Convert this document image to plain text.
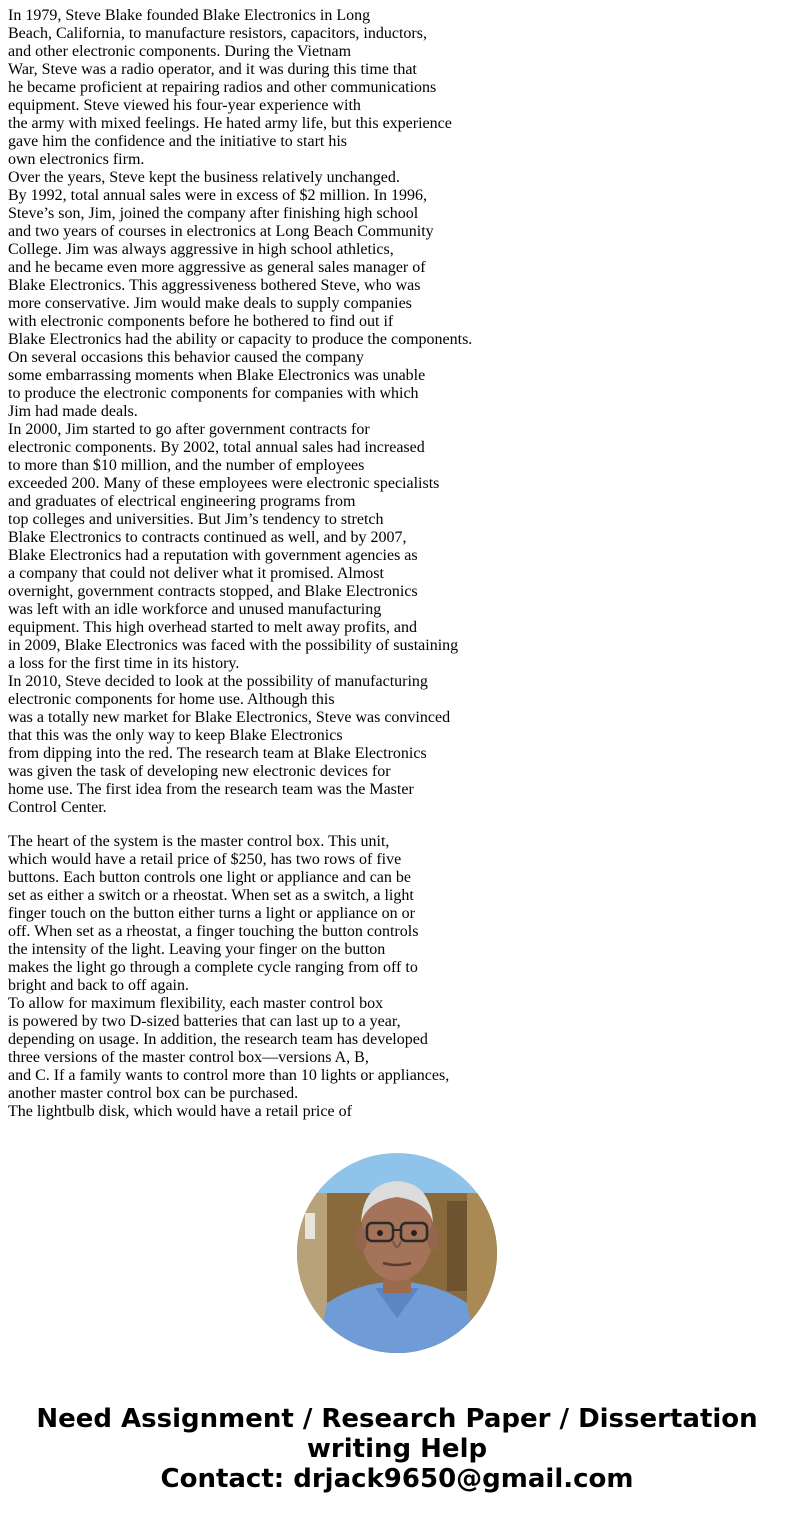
In 1979, Steve Blake founded Blake Electronics in Long
Beach, California, to manufacture resistors, capacitors, inductors,
and other electronic components. During the Vietnam
War, Steve was a radio operator, and it was during this time that
he became proficient at repairing radios and other communications
equipment. Steve viewed his four-year experience with
the army with mixed feelings. He hated army life, but this experience
gave him the confidence and the initiative to start his
own electronics firm.

Over the years, Steve kept the business relatively unchanged.
By 1992, total annual sales were in excess of $2 million. In 1996,
Steve’s son, Jim, joined the company after finishing high school
and two years of courses in electronics at Long Beach Community
College. Jim was always aggressive in high school athletics,
and he became even more aggressive as general sales manager of
Blake Electronics. This aggressiveness bothered Steve, who was
more conservative. Jim would make deals to supply companies
with electronic components before he bothered to find out if
Blake Electronics had the ability or capacity to produce the components.
On several occasions this behavior caused the company
some embarrassing moments when Blake Electronics was unable
to produce the electronic components for companies with which
Jim had made deals.

In 2000, Jim started to go after government contracts for
electronic components. By 2002, total annual sales had increased
to more than $10 million, and the number of employees
exceeded 200. Many of these employees were electronic specialists
and graduates of electrical engineering programs from
top colleges and universities. But Jim’s tendency to stretch
Blake Electronics to contracts continued as well, and by 2007,
Blake Electronics had a reputation with government agencies as
a company that could not deliver what it promised. Almost
overnight, government contracts stopped, and Blake Electronics
was left with an idle workforce and unused manufacturing
equipment. This high overhead started to melt away profits, and
in 2009, Blake Electronics was faced with the possibility of sustaining
a loss for the first time in its history.

In 2010, Steve decided to look at the possibility of manufacturing
electronic components for home use. Although this
was a totally new market for Blake Electronics, Steve was convinced
that this was the only way to keep Blake Electronics
from dipping into the red. The research team at Blake Electronics
was given the task of developing new electronic devices for
home use. The first idea from the research team was the Master
Control Center.

The heart of the system is the master control box. This unit,
which would have a retail price of $250, has two rows of five
buttons. Each button controls one light or appliance and can be
set as either a switch or a rheostat. When set as a switch, a light
finger touch on the button either turns a light or appliance on or
off. When set as a rheostat, a finger touching the button controls
the intensity of the light. Leaving your finger on the button
makes the light go through a complete cycle ranging from off to
bright and back to off again.

To allow for maximum flexibility, each master control box
is powered by two D-sized batteries that can last up to a year,
depending on usage. In addition, the research team has developed
three versions of the master control box—versions A, B,
and C. If a family wants to control more than 10 lights or appliances,
another master control box can be purchased.

The lightbulb disk, which would have a retail price of

Need Assignment / Research Paper / Dissertation
writing Help
Contact: drjack9650@gmail.com
